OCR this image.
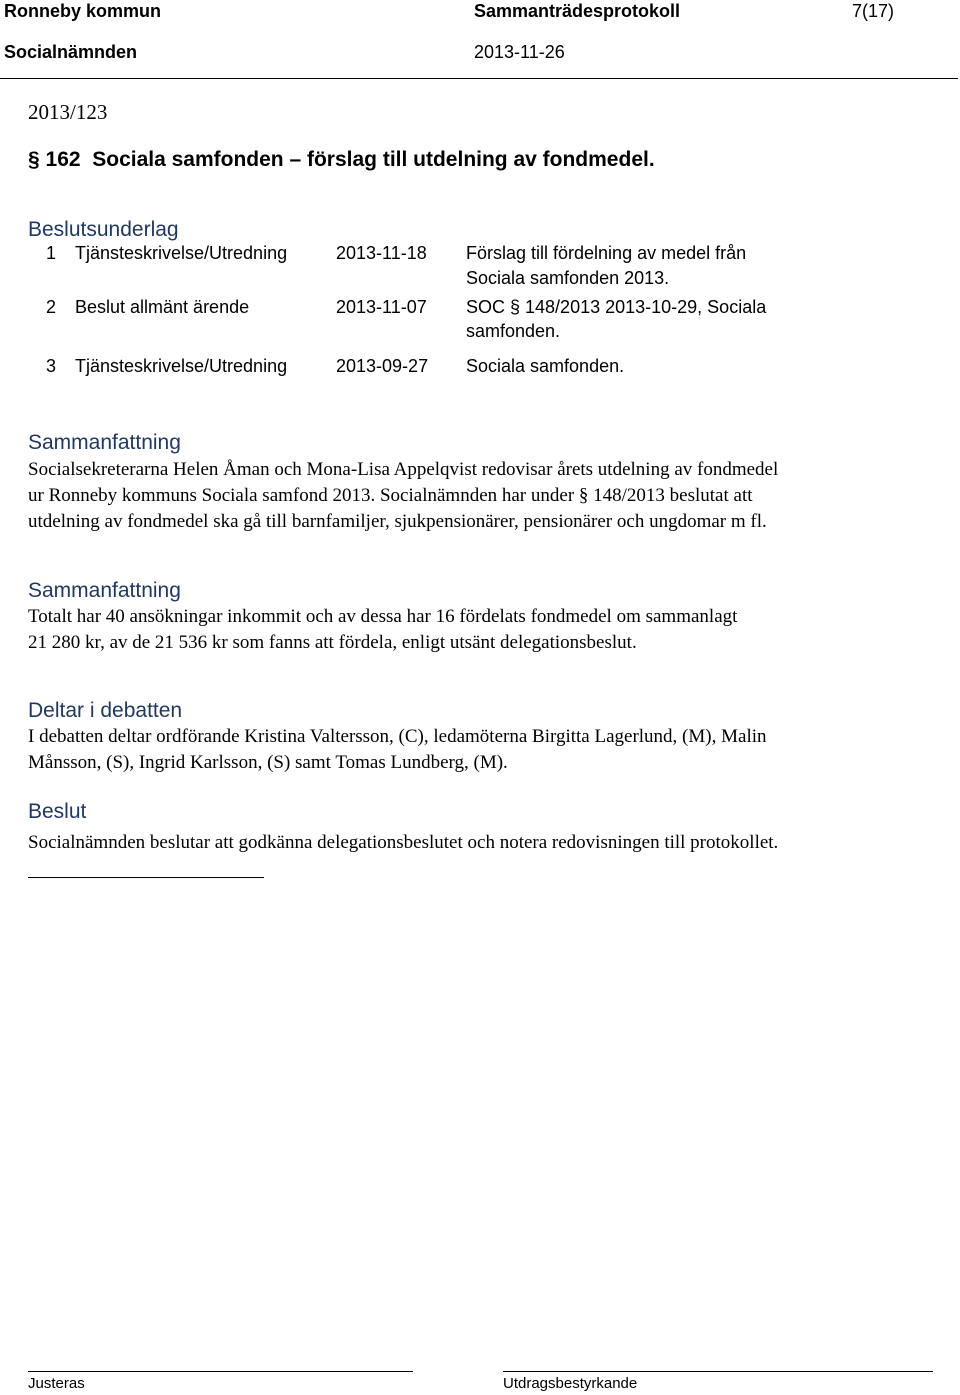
Ronneby kommun	Sammanträdesprotokoll	7(17)
Socialnämnden	2013-11-26
2013/123
§ 162 Sociala samfonden – förslag till utdelning av fondmedel.
Beslutsunderlag
1 Tjänsteskrivelse/Utredning	2013-11-18 Förslag till fördelning av medel från
Sociala samfonden 2013.
2 Beslut allmänt ärende	2013-11-07 SOC § 148/2013 2013-10-29, Sociala
samfonden.
3 Tjänsteskrivelse/Utredning	2013-09-27 Sociala samfonden.
Sammanfattning
Socialsekreterarna Helen Åman och Mona-Lisa Appelqvist redovisar årets utdelning av fondmedel
ur Ronneby kommuns Sociala samfond 2013. Socialnämnden har under § 148/2013 beslutat att
utdelning av fondmedel ska gå till barnfamiljer, sjukpensionärer, pensionärer och ungdomar m fl.
Sammanfattning
Totalt har 40 ansökningar inkommit och av dessa har 16 fördelats fondmedel om sammanlagt
21 280 kr, av de 21 536 kr som fanns att fördela, enligt utsänt delegationsbeslut.
Deltar i debatten
I debatten deltar ordförande Kristina Valtersson, (C), ledamöterna Birgitta Lagerlund, (M), Malin
Månsson, (S), Ingrid Karlsson, (S) samt Tomas Lundberg, (M).
Beslut
Socialnämnden beslutar att godkänna delegationsbeslutet och notera redovisningen till protokollet.
Justeras	Utdragsbestyrkande
